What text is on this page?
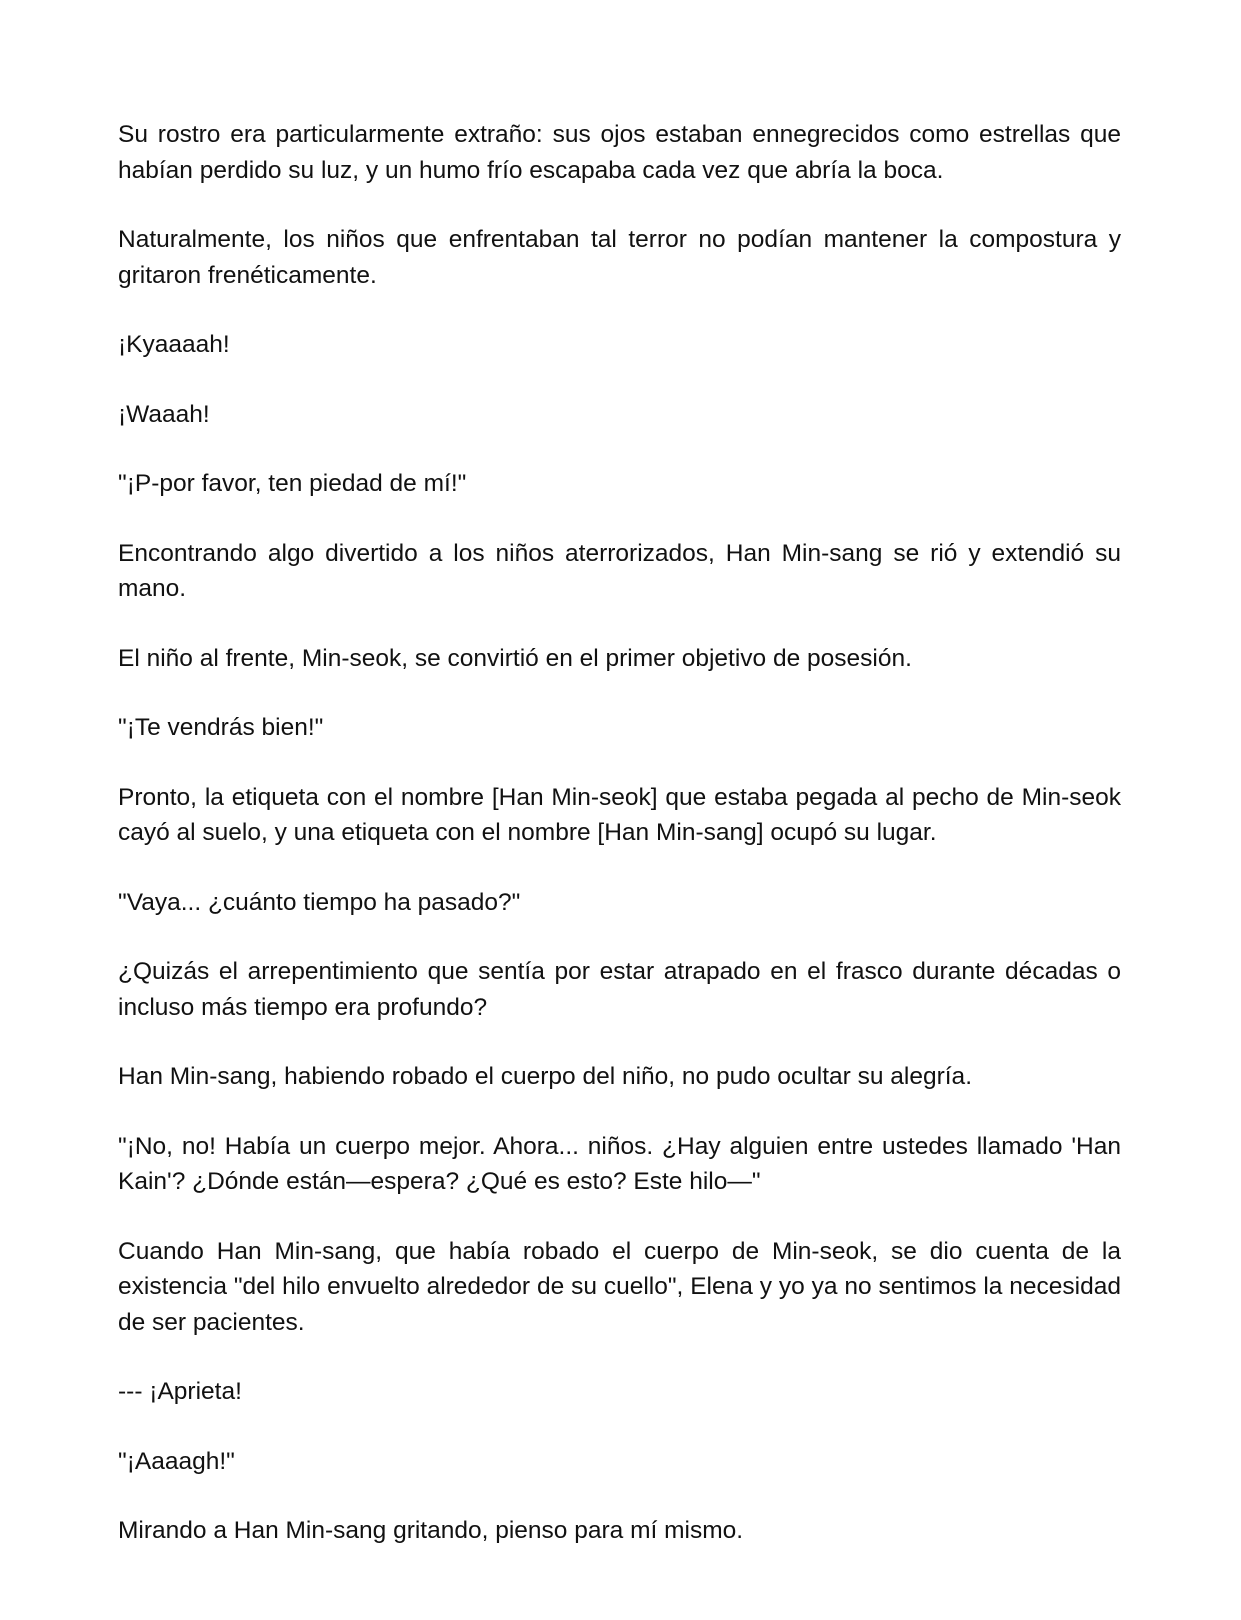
Su rostro era particularmente extraño: sus ojos estaban ennegrecidos como estrellas que habían perdido su luz, y un humo frío escapaba cada vez que abría la boca.

Naturalmente, los niños que enfrentaban tal terror no podían mantener la compostura y gritaron frenéticamente.

¡Kyaaaah!

¡Waaah!

"¡P-por favor, ten piedad de mí!"

Encontrando algo divertido a los niños aterrorizados, Han Min-sang se rió y extendió su mano.

El niño al frente, Min-seok, se convirtió en el primer objetivo de posesión.

"¡Te vendrás bien!"

Pronto, la etiqueta con el nombre [Han Min-seok] que estaba pegada al pecho de Min-seok cayó al suelo, y una etiqueta con el nombre [Han Min-sang] ocupó su lugar.

"Vaya... ¿cuánto tiempo ha pasado?"

¿Quizás el arrepentimiento que sentía por estar atrapado en el frasco durante décadas o incluso más tiempo era profundo?

Han Min-sang, habiendo robado el cuerpo del niño, no pudo ocultar su alegría.

"¡No, no! Había un cuerpo mejor. Ahora... niños. ¿Hay alguien entre ustedes llamado 'Han Kain'? ¿Dónde están—espera? ¿Qué es esto? Este hilo—"

Cuando Han Min-sang, que había robado el cuerpo de Min-seok, se dio cuenta de la existencia "del hilo envuelto alrededor de su cuello", Elena y yo ya no sentimos la necesidad de ser pacientes.

--- ¡Aprieta!

"¡Aaaagh!"

Mirando a Han Min-sang gritando, pienso para mí mismo.
